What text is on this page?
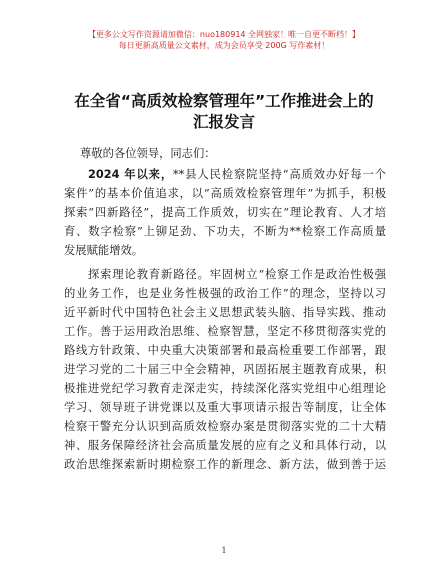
【更多公文写作资源请加微信：nuo180914 全网独家！唯一自更不断档！】
每日更新高质量公文素材，成为会员享受 200G 写作素材！
在全省“高质效检察管理年”工作推进会上的
汇报发言
尊敬的各位领导，同志们：
2024 年以来，**县人民检察院坚持“高质效办好每一个
案件”的基本价值追求，以“高质效检察管理年”为抓手，积极
探索“四新路径”，提高工作质效，切实在“理论教育、人才培
育、数字检察”上铆足劲、下功夫，不断为**检察工作高质量
发展赋能增效。
探索理论教育新路径。牢固树立“检察工作是政治性极强
的业务工作，也是业务性极强的政治工作”的理念，坚持以习
近平新时代中国特色社会主义思想武装头脑、指导实践、推动
工作。善于运用政治思维、检察智慧，坚定不移贯彻落实党的
路线方针政策、中央重大决策部署和最高检重要工作部署，跟
进学习党的二十届三中全会精神，巩固拓展主题教育成果，积
极推进党纪学习教育走深走实，持续深化落实党组中心组理论
学习、领导班子讲党课以及重大事项请示报告等制度，让全体
检察干警充分认识到高质效检察办案是贯彻落实党的二十大精
神、服务保障经济社会高质量发展的应有之义和具体行动，以
政治思维探索新时期检察工作的新理念、新方法，做到善于运
1
